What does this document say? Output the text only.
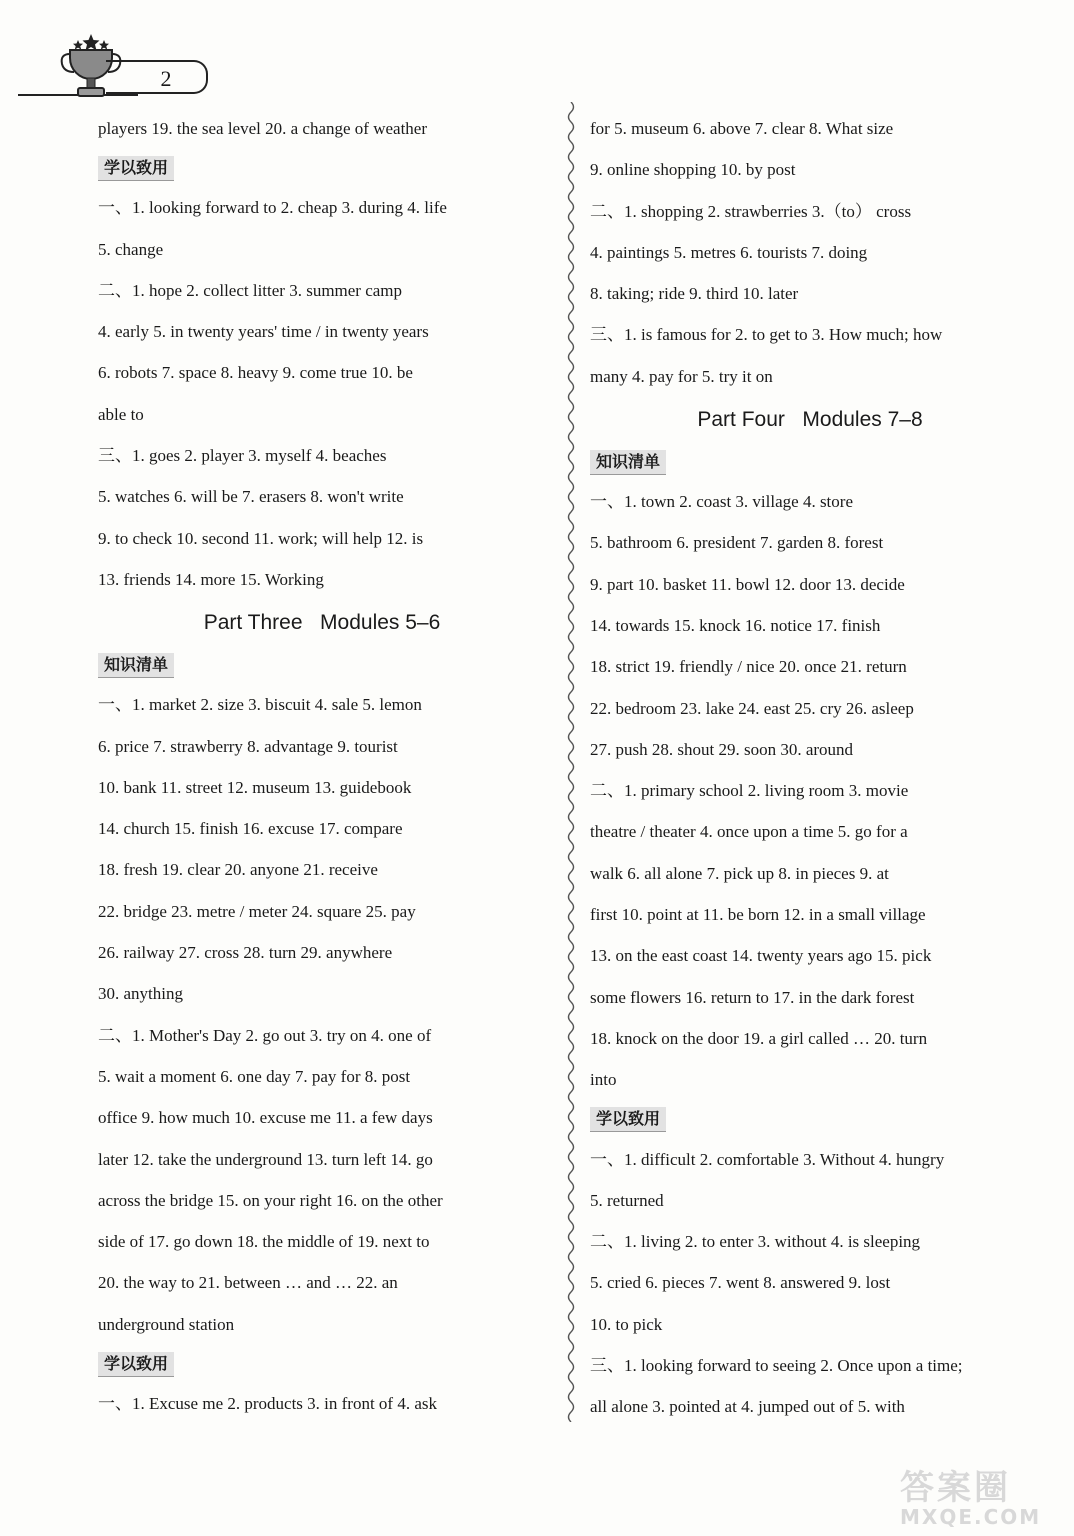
2
players 19. the sea level 20. a change of weather
学以致用
一、1. looking forward to 2. cheap 3. during 4. life
5. change
二、1. hope 2. collect litter 3. summer camp
4. early 5. in twenty years' time / in twenty years
6. robots 7. space 8. heavy 9. come true 10. be
able to
三、1. goes 2. player 3. myself 4. beaches
5. watches 6. will be 7. erasers 8. won't write
9. to check 10. second 11. work; will help 12. is
13. friends 14. more 15. Working
Part Three   Modules 5–6
知识清单
一、1. market 2. size 3. biscuit 4. sale 5. lemon
6. price 7. strawberry 8. advantage 9. tourist
10. bank 11. street 12. museum 13. guidebook
14. church 15. finish 16. excuse 17. compare
18. fresh 19. clear 20. anyone 21. receive
22. bridge 23. metre / meter 24. square 25. pay
26. railway 27. cross 28. turn 29. anywhere
30. anything
二、1. Mother's Day 2. go out 3. try on 4. one of
5. wait a moment 6. one day 7. pay for 8. post
office 9. how much 10. excuse me 11. a few days
later 12. take the underground 13. turn left 14. go
across the bridge 15. on your right 16. on the other
side of 17. go down 18. the middle of 19. next to
20. the way to 21. between … and … 22. an
underground station
学以致用
一、1. Excuse me 2. products 3. in front of 4. ask
for 5. museum 6. above 7. clear 8. What size
9. online shopping 10. by post
二、1. shopping 2. strawberries 3.（to） cross
4. paintings 5. metres 6. tourists 7. doing
8. taking; ride 9. third 10. later
三、1. is famous for 2. to get to 3. How much; how
many 4. pay for 5. try it on
Part Four   Modules 7–8
知识清单
一、1. town 2. coast 3. village 4. store
5. bathroom 6. president 7. garden 8. forest
9. part 10. basket 11. bowl 12. door 13. decide
14. towards 15. knock 16. notice 17. finish
18. strict 19. friendly / nice 20. once 21. return
22. bedroom 23. lake 24. east 25. cry 26. asleep
27. push 28. shout 29. soon 30. around
二、1. primary school 2. living room 3. movie
theatre / theater 4. once upon a time 5. go for a
walk 6. all alone 7. pick up 8. in pieces 9. at
first 10. point at 11. be born 12. in a small village
13. on the east coast 14. twenty years ago 15. pick
some flowers 16. return to 17. in the dark forest
18. knock on the door 19. a girl called … 20. turn
into
学以致用
一、1. difficult 2. comfortable 3. Without 4. hungry
5. returned
二、1. living 2. to enter 3. without 4. is sleeping
5. cried 6. pieces 7. went 8. answered 9. lost
10. to pick
三、1. looking forward to seeing 2. Once upon a time;
all alone 3. pointed at 4. jumped out of 5. with
答案圈
MXQE.COM
